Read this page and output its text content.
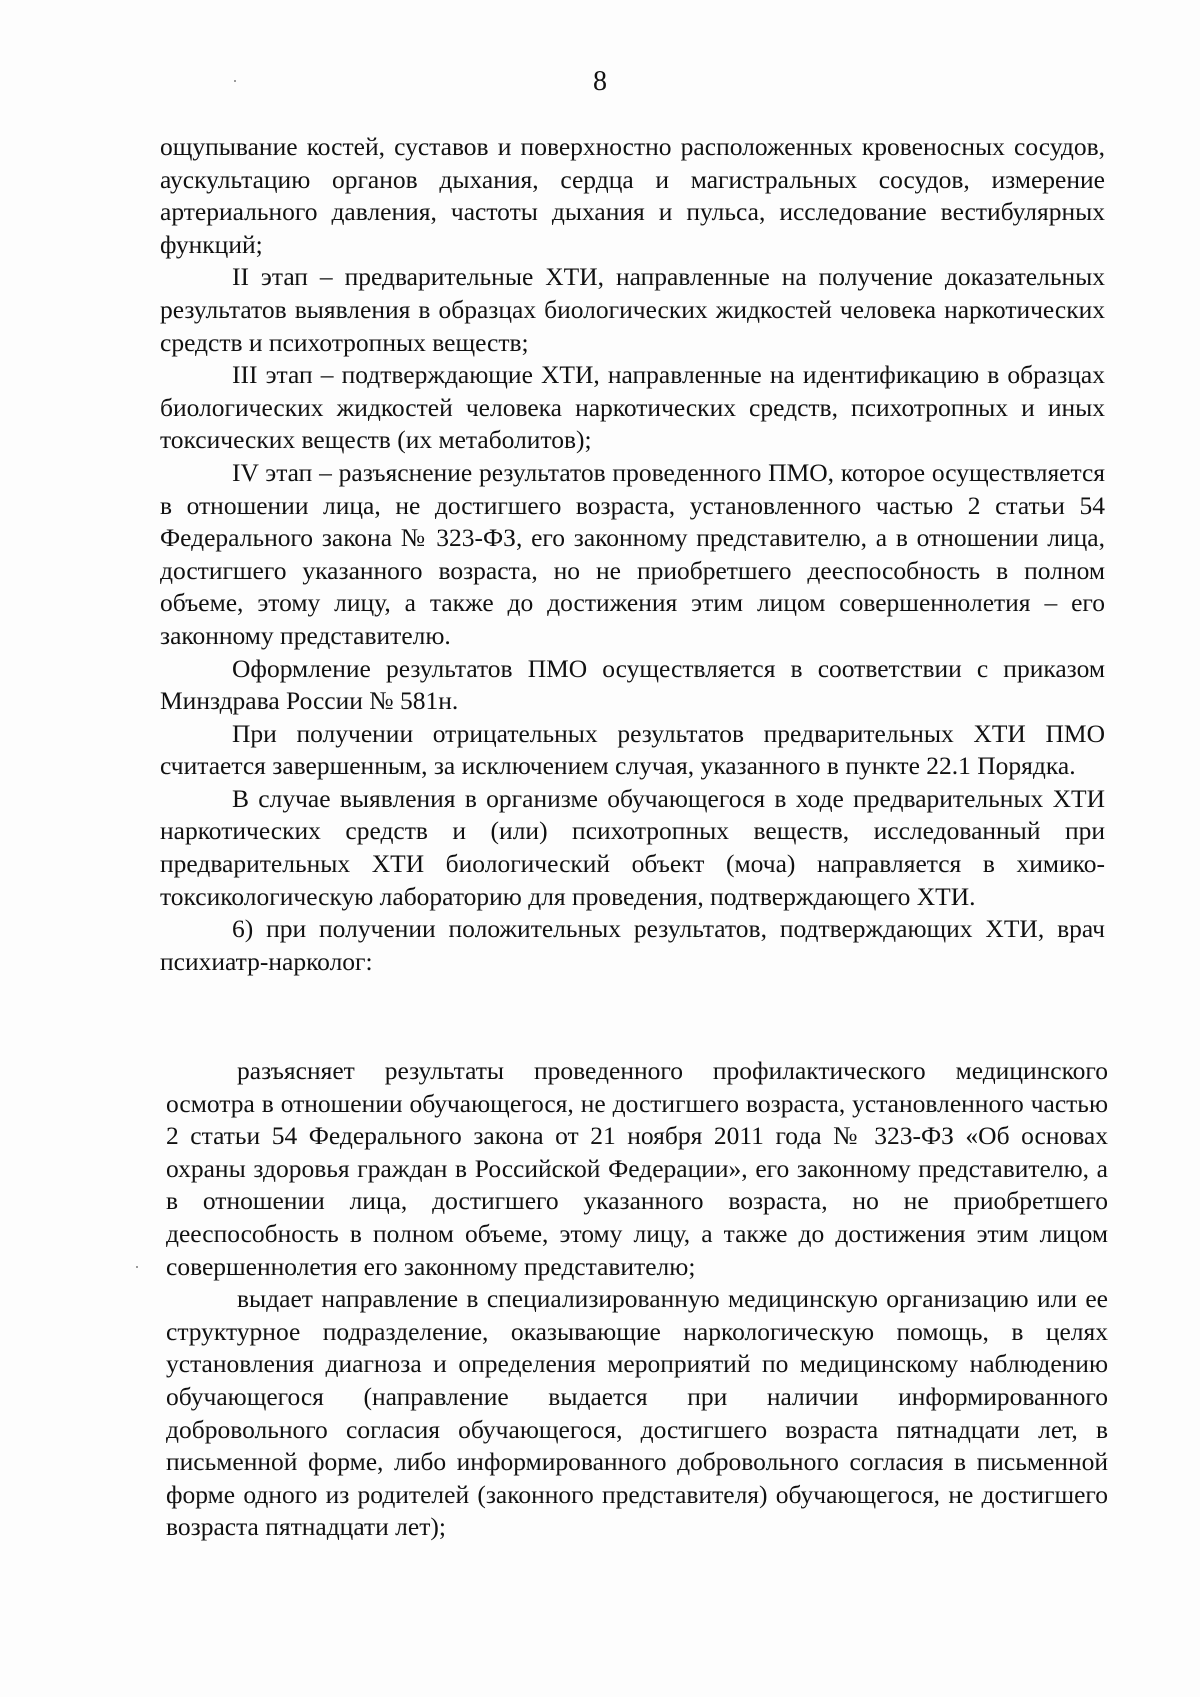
8

ощупывание костей, суставов и поверхностно расположенных кровеносных сосудов, аускультацию органов дыхания, сердца и магистральных сосудов, измерение артериального давления, частоты дыхания и пульса, исследование вестибулярных функций;

II этап – предварительные ХТИ, направленные на получение доказательных результатов выявления в образцах биологических жидкостей человека наркотических средств и психотропных веществ;

III этап – подтверждающие ХТИ, направленные на идентификацию в образцах биологических жидкостей человека наркотических средств, психотропных и иных токсических веществ (их метаболитов);

IV этап – разъяснение результатов проведенного ПМО, которое осуществляется в отношении лица, не достигшего возраста, установленного частью 2 статьи 54 Федерального закона № 323-ФЗ, его законному представителю, а в отношении лица, достигшего указанного возраста, но не приобретшего дееспособность в полном объеме, этому лицу, а также до достижения этим лицом совершеннолетия – его законному представителю.

Оформление результатов ПМО осуществляется в соответствии с приказом Минздрава России № 581н.

При получении отрицательных результатов предварительных ХТИ ПМО считается завершенным, за исключением случая, указанного в пункте 22.1 Порядка.

В случае выявления в организме обучающегося в ходе предварительных ХТИ наркотических средств и (или) психотропных веществ, исследованный при предварительных ХТИ биологический объект (моча) направляется в химико-токсикологическую лабораторию для проведения, подтверждающего ХТИ.

6) при получении положительных результатов, подтверждающих ХТИ, врач психиатр-нарколог:

разъясняет результаты проведенного профилактического медицинского осмотра в отношении обучающегося, не достигшего возраста, установленного частью 2 статьи 54 Федерального закона от 21 ноября 2011 года № 323-ФЗ «Об основах охраны здоровья граждан в Российской Федерации», его законному представителю, а в отношении лица, достигшего указанного возраста, но не приобретшего дееспособность в полном объеме, этому лицу, а также до достижения этим лицом совершеннолетия его законному представителю;

выдает направление в специализированную медицинскую организацию или ее структурное подразделение, оказывающие наркологическую помощь, в целях установления диагноза и определения мероприятий по медицинскому наблюдению обучающегося (направление выдается при наличии информированного добровольного согласия обучающегося, достигшего возраста пятнадцати лет, в письменной форме, либо информированного добровольного согласия в письменной форме одного из родителей (законного представителя) обучающегося, не достигшего возраста пятнадцати лет);
